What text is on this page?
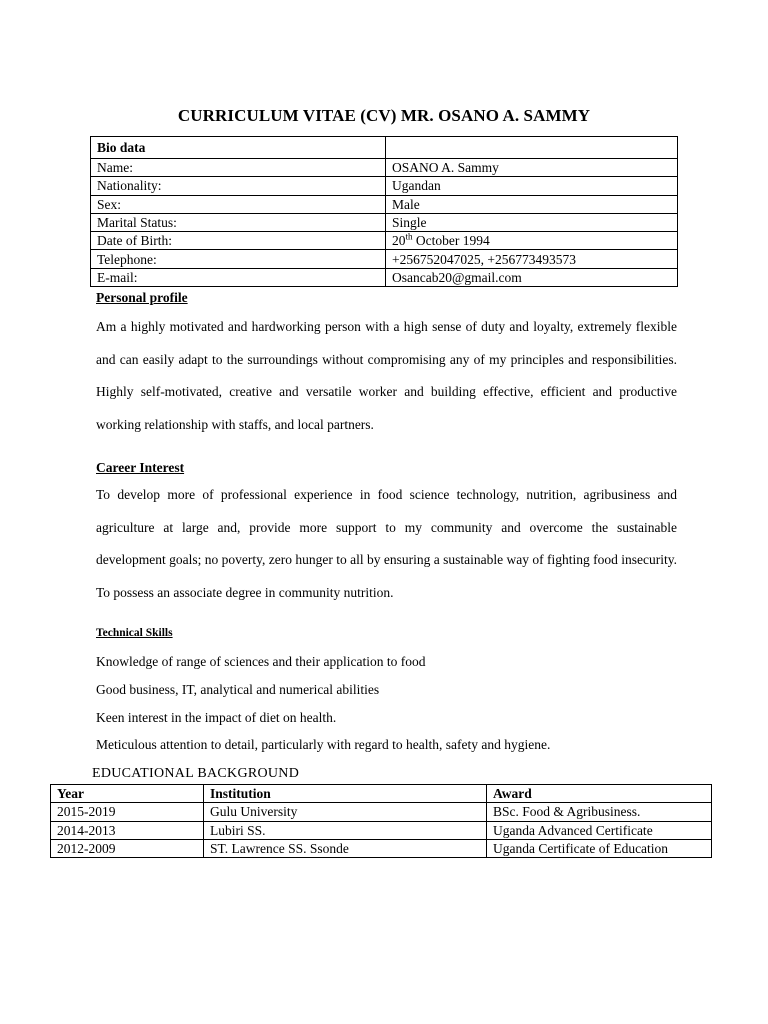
CURRICULUM VITAE (CV) MR. OSANO A. SAMMY
Bio data	
Name:	OSANO A. Sammy
Nationality:	Ugandan
Sex:	Male
Marital Status:	Single
Date of Birth:	20th October 1994
Telephone:	+256752047025, +256773493573
E-mail:	Osancab20@gmail.com
Personal profile

Am a highly motivated and hardworking person with a high sense of duty and loyalty, extremely flexible and can easily adapt to the surroundings without compromising any of my principles and responsibilities. Highly self-motivated, creative and versatile worker and building effective, efficient and productive working relationship with staffs, and local partners.

Career Interest

To develop more of professional experience in food science technology, nutrition, agribusiness and agriculture at large and, provide more support to my community and overcome the sustainable development goals; no poverty, zero hunger to all by ensuring a sustainable way of fighting food insecurity. To possess an associate degree in community nutrition.

Technical Skills
Knowledge of range of sciences and their application to food
Good business, IT, analytical and numerical abilities
Keen interest in the impact of diet on health.
Meticulous attention to detail, particularly with regard to health, safety and hygiene.
EDUCATIONAL BACKGROUND
Year	Institution	Award
2015-2019	Gulu University	BSc. Food & Agribusiness.
2014-2013	Lubiri SS.	Uganda Advanced Certificate
2012-2009	ST. Lawrence SS. Ssonde	Uganda Certificate of Education
